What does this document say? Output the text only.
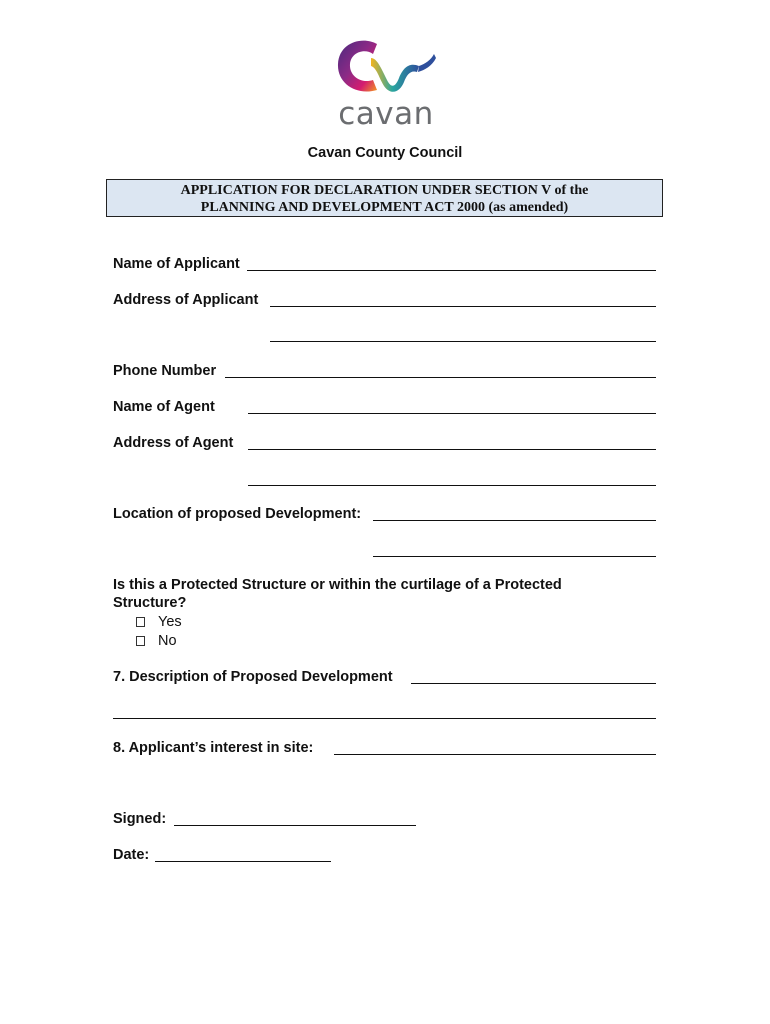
cavan
Cavan County Council
APPLICATION FOR DECLARATION UNDER SECTION V of the
PLANNING AND DEVELOPMENT ACT 2000 (as amended)
Name of Applicant
Address of Applicant
Phone Number
Name of Agent
Address of Agent
Location of proposed Development:
Is this a Protected Structure or within the curtilage of a Protected
Structure?
Yes
No
7. Description of Proposed Development
8. Applicant’s interest in site:
Signed:
Date:
